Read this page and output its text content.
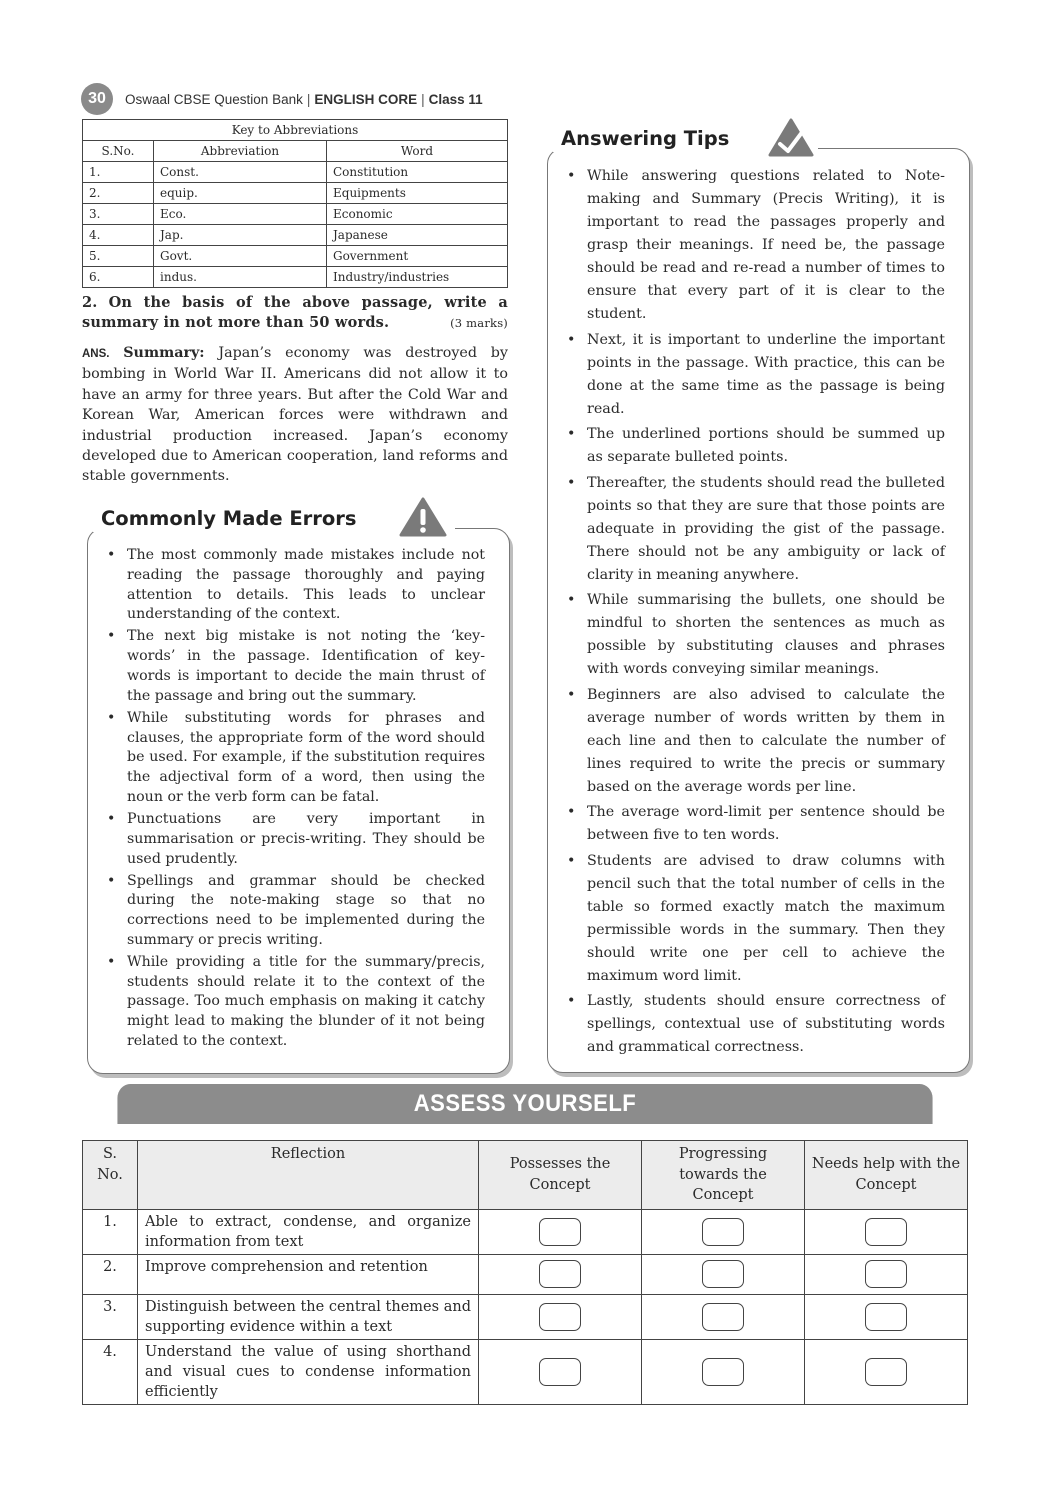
30	Oswaal CBSE Question Bank | ENGLISH CORE | Class 11
Key to Abbreviations		
S.No.	Abbreviation	Word
1.	Const.	Constitution
2.	equip.	Equipments
3.	Eco.	Economic
4.	Jap.	Japanese
5.	Govt.	Government
6.	indus.	Industry/industries
2. On the basis of the above passage, write a summary in not more than 50 words.	(3 marks)
ANS. Summary: Japan’s economy was destroyed by bombing in World War II. Americans did not allow it to have an army for three years. But after the Cold War and Korean War, American forces were withdrawn and industrial production increased. Japan’s economy developed due to American cooperation, land reforms and stable governments.
Commonly Made Errors
• The most commonly made mistakes include not reading the passage thoroughly and paying attention to details. This leads to unclear understanding of the context.
• The next big mistake is not noting the ‘key-words’ in the passage. Identification of key-words is important to decide the main thrust of the passage and bring out the summary.
• While substituting words for phrases and clauses, the appropriate form of the word should be used. For example, if the substitution requires the adjectival form of a word, then using the noun or the verb form can be fatal.
• Punctuations are very important in summarisation or precis-writing. They should be used prudently.
• Spellings and grammar should be checked during the note-making stage so that no corrections need to be implemented during the summary or precis writing.
• While providing a title for the summary/precis, students should relate it to the context of the passage. Too much emphasis on making it catchy might lead to making the blunder of it not being related to the context.
Answering Tips
• While answering questions related to Note-making and Summary (Precis Writing), it is important to read the passages properly and grasp their meanings. If need be, the passage should be read and re-read a number of times to ensure that every part of it is clear to the student.
• Next, it is important to underline the important points in the passage. With practice, this can be done at the same time as the passage is being read.
• The underlined portions should be summed up as separate bulleted points.
• Thereafter, the students should read the bulleted points so that they are sure that those points are adequate in providing the gist of the passage. There should not be any ambiguity or lack of clarity in meaning anywhere.
• While summarising the bullets, one should be mindful to shorten the sentences as much as possible by substituting clauses and phrases with words conveying similar meanings.
• Beginners are also advised to calculate the average number of words written by them in each line and then to calculate the number of lines required to write the precis or summary based on the average words per line.
• The average word-limit per sentence should be between five to ten words.
• Students are advised to draw columns with pencil such that the total number of cells in the table so formed exactly match the maximum permissible words in the summary. Then they should write one per cell to achieve the maximum word limit.
• Lastly, students should ensure correctness of spellings, contextual use of substituting words and grammatical correctness.
ASSESS YOURSELF
S. No.	Reflection	Possesses the Concept	Progressing towards the Concept	Needs help with the Concept
1.	Able to extract, condense, and organize information from text			
2.	Improve comprehension and retention			
3.	Distinguish between the central themes and supporting evidence within a text			
4.	Understand the value of using shorthand and visual cues to condense information efficiently			
